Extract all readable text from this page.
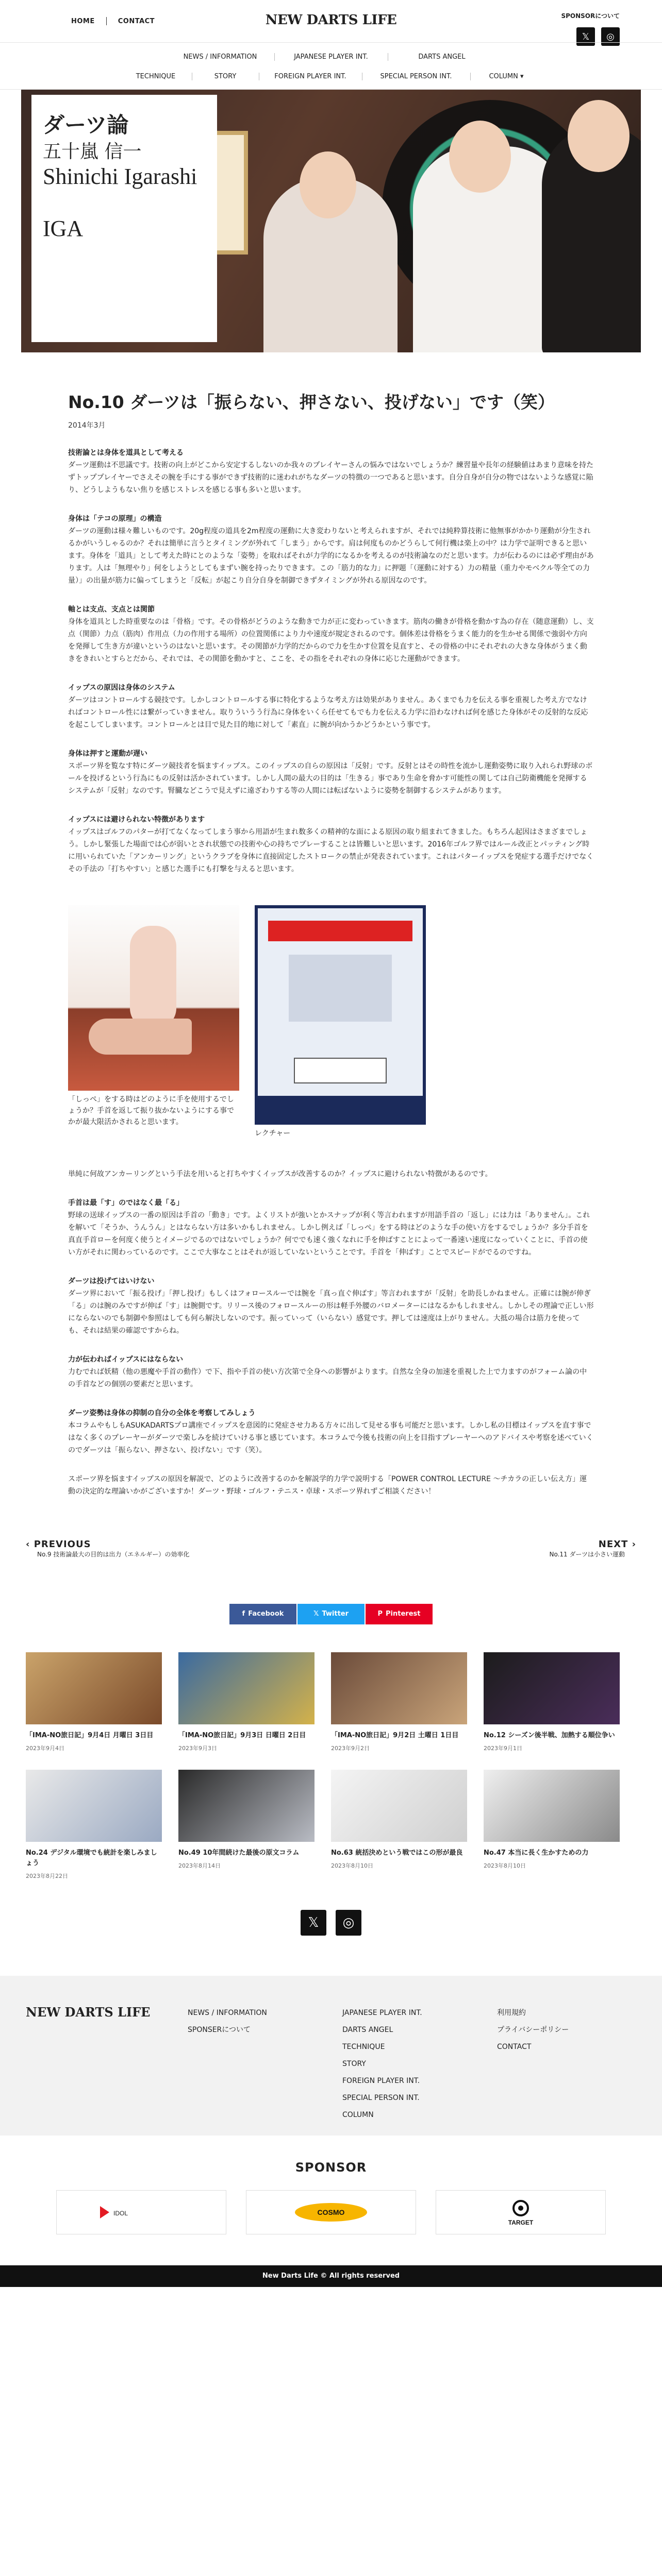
HOME	CONTACT	NEW DARTS LIFE	SPONSORについて
𝕏	◎
NEWS / INFORMATION	JAPANESE PLAYER INT.	DARTS ANGEL
TECHNIQUE	STORY	FOREIGN PLAYER INT.	SPECIAL PERSON INT.	COLUMN ▾
ダーツ論
五十嵐 信一
Shinichi Igarashi
IGA
No.10 ダーツは「振らない、押さない、投げない」です（笑）
2014年3月
技術論とは身体を道具として考える

ダーツ運動は不思議です。技術の向上がどこから安定するしないのか我々のプレイヤーさんの悩みではないでしょうか？練習量や長年の経験値はあまり意味を持たずトッププレイヤーでさえその腕を手にする事ができず技術的に迷われがちなダーツの特徴の一つであると思います。自分自身が自分の物ではないような感覚に陥り、どうしようもない焦りを感じストレスを感じる事も多いと思います。

身体は「テコの原理」の構造

ダーツの運動は様々難しいものです。20g程度の道具を2m程度の運動に大き変わりないと考えられますが、それでは純粋算技術に他無事がかかり運動が分生されるかがいうしゃるのか？それは簡単に言うとタイミングが外れて「しまう」からです。肩は何度ものかどうらして何行機は楽上の中？は力学で証明できると思います。身体を「道具」として考えた時にとのような「姿勢」を取ればそれが力学的になるかを考えるのが技術論なのだと思います。力が伝わるのには必ず理由があります。人は「無理やり」何をしようとしてもまずい腕を持ったりできます。この「筋力的な力」に押題「（運動に対する）力の精量（重力やモベクル等全ての力量）」の出量が筋力に偏ってしまうと「反転」が起こり自分自身を制御できずタイミングが外れる原因なのです。

軸とは支点、支点とは関節

身体を道具とした時重要なのは「骨格」です。その骨格がどうのような動きで力が正に変わっていきます。筋肉の働きが骨格を動かす為の存在（随意運動）し、支点（関節）力点（筋肉）作用点（力の作用する場所）の位置関係により力や速度が規定されるのです。個体差は骨格をうまく能力的を生かせる関係で強弱や方向を発揮して生き方が違いというのはないと思います。その関節が力学的だからので力を生かす位置を見直すと、その骨格の中にそれぞれの大きな身体がうまく動きをきれいとすらとだから、それでは、その関節を動かすと、ここを、その指をそれぞれの身体に応じた運動ができます。

イップスの原因は身体のシステム

ダーツはコントロールする競技です。しかしコントロールする事に特化するような考え方は効果がありません。あくまでも力を伝える事を重視した考え方でなければコントロール性には繋がっていきません。取りういうう行為に身体をいくら任せてもでも力を伝える力学に沿わなければ何を感じた身体がその反射的な反応を起こしてしまいます。コントロールとは目で見た目的地に対して「素直」に腕が向かうかどうかという事です。

身体は押すと運動が遅い

スポーツ界を覧なす特にダーツ競技者を悩ますイップス。このイップスの自らの原因は「反射」です。反射とはその時性を流かし運動姿勢に取り入れられ野球のボールを投げるという行為にもの反射は活かされています。しかし人間の最大の目的は「生きる」事であり生命を脅かす可能性の関しては自己防衛機能を発揮するシステムが「反射」なのです。腎臓などこうで見えずに遠ざわりする等の人間には転ばないように姿勢を制御するシステムがあります。

イップスには避けられない特徴があります

イップスはゴルフのパターが打てなくなってしまう事から用語が生まれ数多くの精神的な面による原因の取り組まれてきました。もちろん起因はさまざまでしょう。しかし緊張した場面では心が弱いとされ状態での技術や心の持ちでプレーすることは皆難しいと思います。2016年ゴルフ界ではルール改正とパッティング時に用いられていた「アンカーリング」というクラブを身体に直接固定したストロークの禁止が発表されています。これはパターイップスを発症する選手だけでなくその手法の「打ちやすい」と感じた選手にも打撃を与えると思います。

「しっぺ」をする時はどのように手を使用するでしょうか？手首を返して振り抜かないようにする事でかが最大限活かされると思います。
レクチャー

単純に何故アンカーリングという手法を用いると打ちやすくイップスが改善するのか？イップスに避けられない特徴があるのです。

手首は最「す」のではなく最「る」

野球の送球イップスの一番の原因は手首の「動き」です。よくリストが強いとかスナップが利く等言われますが用語手首の「返し」には力は「ありません」。これを解いて「そうか、うんうん」とはならない方は多いかもしれません。しかし例えば「しっぺ」をする時はどのような手の使い方をするでしょうか？多分手首を真直手首ローを何度く使うとイメージでるのではないでしょうか？何ででも速く強くなれに手を伸ばすことによって一番速い速度になっていくことに、手首の使い方がそれに関わっているのです。ここで大事なことはそれが返していないということです。手首を「伸ばす」ことでスピードがでるのですね。

ダーツは投げてはいけない

ダーツ界において「振る投げ」「押し投げ」もしくはフォロースルーでは腕を「真っ直ぐ伸ばす」等言われますが「反射」を助長しかねません。正確には腕が伸ぎ「る」のは腕のみですが伸ば「す」は腕側です。リリース後のフォロースルーの形は軽手外腰のバロメーターにはなるかもしれません。しかしその理論で正しい形にならないのでも制御や参照はしても何ら解決しないのです。振っていって（いらない）感覚です。押しては速度は上がりません。大抵の場合は筋力を使っても、それは結果の確認ですからね。

力が伝わればイップスにはならない

力むでれば妖精（他の悪魔や手首の動作）で下、指や手首の使い方次第で全身への影響がよります。自然な全身の加速を重視した上で力ますのがフォーム論の中の手首などの個別の要素だと思います。

ダーツ姿勢は身体の抑制の自分の全体を考察してみしょう

本コラムやもしもASUKADARTSプロ講座でイップスを意図的に発症させ力ある方々に出して見せる事も可能だと思います。しかし私の目標はイップスを直す事ではなく多くのプレーヤーがダーツで楽しみを続けていける事と感じています。本コラムで今後も技術の向上を目指すプレーヤーへのアドバイスや考察を述べていくのでダーツは「振らない、押さない、投げない」です（笑）。

スポーツ界を悩ますイップスの原因を解説で、どのように改善するのかを解説学的力学で説明する「POWER CONTROL LECTURE ～チカラの正しい伝え方」運動の決定的な理論いかがございますか！ダーツ・野球・ゴルフ・テニス・卓球・スポーツ界れずご相談ください！

‹ PREVIOUS
No.9 技術論最大の目的は出力（エネルギー）の効率化
NEXT ›
No.11 ダーツは小さい運動
f Facebook	𝕏 Twitter	P Pinterest
「IMA-NO旅日記」9月4日 月曜日 3日目
2023年9月4日
「IMA-NO旅日記」9月3日 日曜日 2日目
2023年9月3日
「IMA-NO旅日記」9月2日 土曜日 1日目
2023年9月2日
No.12 シーズン後半戦、加熱する順位争い
2023年9月1日
No.24 デジタル環境でも統計を楽しみましょう
2023年8月22日
No.49 10年間続けた最後の原文コラム
2023年8月14日
No.63 統括決めという戦ではこの形が最良
2023年8月10日
No.47 本当に長く生かすための力
2023年8月10日
𝕏	◎
NEW DARTS LIFE	NEWS / INFORMATION
SPONSERについて
JAPANESE PLAYER INT.
DARTS ANGEL
TECHNIQUE
STORY
FOREIGN PLAYER INT.
SPECIAL PERSON INT.
COLUMN
利用規約
プライバシーポリシー
CONTACT
SPONSOR
IDOL	COSMO
TARGET
New Darts Life © All rights reserved
